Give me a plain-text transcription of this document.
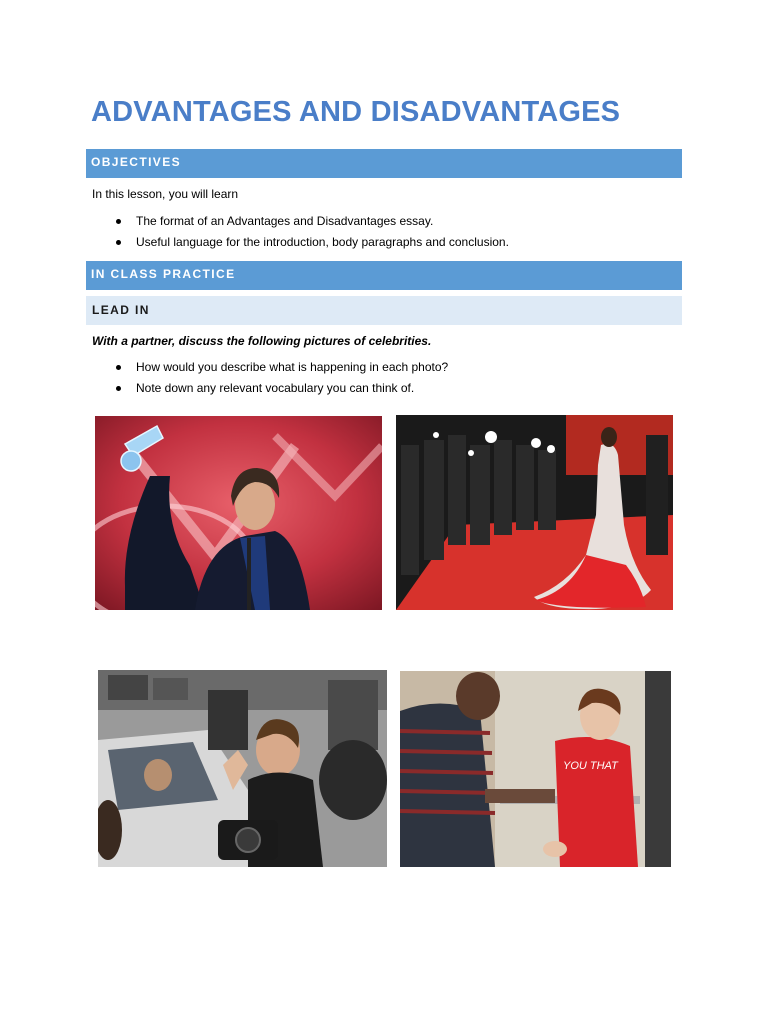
ADVANTAGES AND DISADVANTAGES
OBJECTIVES
In this lesson, you will learn
The format of an Advantages and Disadvantages essay.
Useful language for the introduction, body paragraphs and conclusion.
IN CLASS PRACTICE
LEAD IN
With a partner, discuss the following pictures of celebrities.
How would you describe what is happening in each photo?
Note down any relevant vocabulary you can think of.
YOU THAT
